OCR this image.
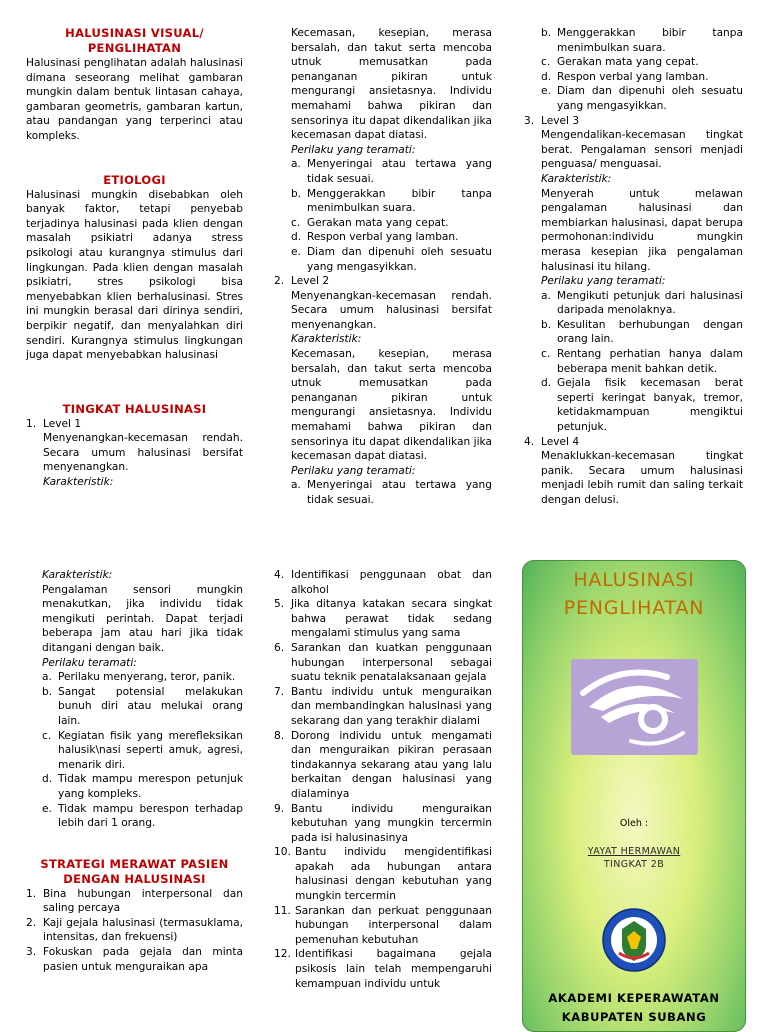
HALUSINASI VISUAL/
PENGLIHATAN

Halusinasi penglihatan adalah halusinasi dimana seseorang melihat gambaran mungkin dalam bentuk lintasan cahaya, gambaran geometris, gambaran kartun, atau pandangan yang terperinci atau kompleks.

ETIOLOGI

Halusinasi mungkin disebabkan oleh banyak faktor, tetapi penyebab terjadinya halusinasi pada klien dengan masalah psikiatri adanya stress psikologi atau kurangnya stimulus dari lingkungan. Pada klien dengan masalah psikiatri, stres psikologi bisa menyebabkan klien berhalusinasi. Stres ini mungkin berasal dari dirinya sendiri, berpikir negatif, dan menyalahkan diri sendiri. Kurangnya stimulus lingkungan juga dapat menyebabkan halusinasi

TINGKAT HALUSINASI
1. Level 1
Menyenangkan-kecemasan rendah. Secara umum halusinasi bersifat menyenangkan.
Karakteristik:

Kecemasan, kesepian, merasa bersalah, dan takut serta mencoba utnuk memusatkan pada penanganan pikiran untuk mengurangi ansietasnya. Individu memahami bahwa pikiran dan sensorinya itu dapat dikendalikan jika kecemasan dapat diatasi.

Perilaku yang teramati:
a. Menyeringai atau tertawa yang tidak sesuai.
b. Menggerakkan bibir tanpa menimbulkan suara.
c. Gerakan mata yang cepat.
d. Respon verbal yang lamban.
e. Diam dan dipenuhi oleh sesuatu yang mengasyikkan.
2. Level 2
Menyenangkan-kecemasan rendah. Secara umum halusinasi bersifat menyenangkan.
Karakteristik:
Kecemasan, kesepian, merasa bersalah, dan takut serta mencoba utnuk memusatkan pada penanganan pikiran untuk mengurangi ansietasnya. Individu memahami bahwa pikiran dan sensorinya itu dapat dikendalikan jika kecemasan dapat diatasi.
Perilaku yang teramati:
a. Menyeringai atau tertawa yang tidak sesuai.
b. Menggerakkan bibir tanpa menimbulkan suara.
c. Gerakan mata yang cepat.
d. Respon verbal yang lamban.
e. Diam dan dipenuhi oleh sesuatu yang mengasyikkan.
3. Level 3
Mengendalikan-kecemasan tingkat berat. Pengalaman sensori menjadi penguasa/ menguasai.
Karakteristik:
Menyerah untuk melawan pengalaman halusinasi dan membiarkan halusinasi, dapat berupa permohonan:individu mungkin merasa kesepian jika pengalaman halusinasi itu hilang.
Perilaku yang teramati:
a. Mengikuti petunjuk dari halusinasi daripada menolaknya.
b. Kesulitan berhubungan dengan orang lain.
c. Rentang perhatian hanya dalam beberapa menit bahkan detik.
d. Gejala fisik kecemasan berat seperti keringat banyak, tremor, ketidakmampuan mengiktui petunjuk.
4. Level 4
Menaklukkan-kecemasan tingkat panik. Secara umum halusinasi menjadi lebih rumit dan saling terkait dengan delusi.
Karakteristik:

Pengalaman sensori mungkin menakutkan, jika individu tidak mengikuti perintah. Dapat terjadi beberapa jam atau hari jika tidak ditangani dengan baik.

Perilaku teramati:
a. Perilaku menyerang, teror, panik.
b. Sangat potensial melakukan bunuh diri atau melukai orang lain.
c. Kegiatan fisik yang merefleksikan halusik\nasi seperti amuk, agresi, menarik diri.
d. Tidak mampu merespon petunjuk yang kompleks.
e. Tidak mampu berespon terhadap lebih dari 1 orang.
STRATEGI MERAWAT PASIEN
DENGAN HALUSINASI
1. Bina hubungan interpersonal dan saling percaya
2. Kaji gejala halusinasi (termasuklama, intensitas, dan frekuensi)
3. Fokuskan pada gejala dan minta pasien untuk menguraikan apa
4. Identifikasi penggunaan obat dan alkohol
5. Jika ditanya katakan secara singkat bahwa perawat tidak sedang mengalami stimulus yang sama
6. Sarankan dan kuatkan penggunaan hubungan interpersonal sebagai suatu teknik penatalaksanaan gejala
7. Bantu individu untuk menguraikan dan membandingkan halusinasi yang sekarang dan yang terakhir dialami
8. Dorong individu untuk mengamati dan menguraikan pikiran perasaan tindakannya sekarang atau yang lalu berkaitan dengan halusinasi yang dialaminya
9. Bantu individu menguraikan kebutuhan yang mungkin tercermin pada isi halusinasinya
10. Bantu individu mengidentifikasi apakah ada hubungan antara halusinasi dengan kebutuhan yang mungkin tercermin
11. Sarankan dan perkuat penggunaan hubungan interpersonal dalam pemenuhan kebutuhan
12. Identifikasi bagaimana gejala psikosis lain telah mempengaruhi kemampuan individu untuk
HALUSINASI
PENGLIHATAN
Oleh :
YAYAT HERMAWAN
TINGKAT 2B
AKADEMI KEPERAWATAN
KABUPATEN SUBANG
